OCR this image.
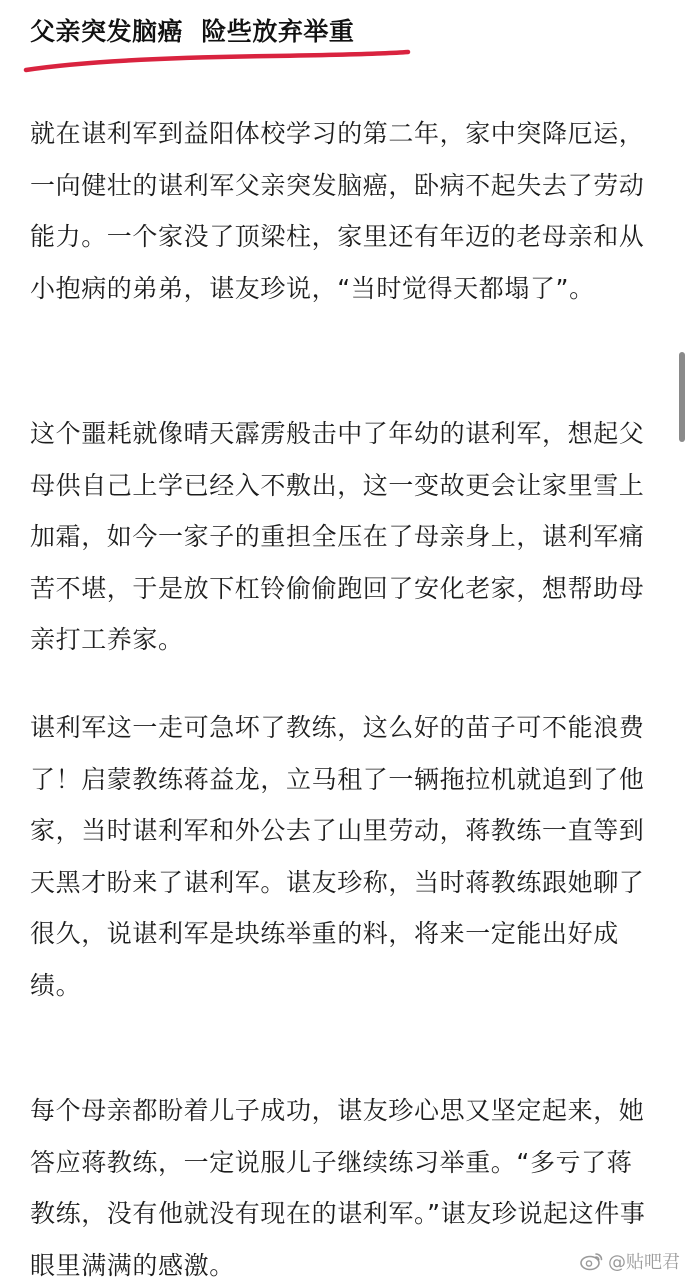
父亲突发脑癌  险些放弃举重

就在谌利军到益阳体校学习的第二年，家中突降厄运，一向健壮的谌利军父亲突发脑癌，卧病不起失去了劳动能力。一个家没了顶梁柱，家里还有年迈的老母亲和从小抱病的弟弟，谌友珍说，“当时觉得天都塌了”。

这个噩耗就像晴天霹雳般击中了年幼的谌利军，想起父母供自己上学已经入不敷出，这一变故更会让家里雪上加霜，如今一家子的重担全压在了母亲身上，谌利军痛苦不堪，于是放下杠铃偷偷跑回了安化老家，想帮助母亲打工养家。

谌利军这一走可急坏了教练，这么好的苗子可不能浪费了！启蒙教练蒋益龙，立马租了一辆拖拉机就追到了他家，当时谌利军和外公去了山里劳动，蒋教练一直等到天黑才盼来了谌利军。谌友珍称，当时蒋教练跟她聊了很久，说谌利军是块练举重的料，将来一定能出好成绩。

每个母亲都盼着儿子成功，谌友珍心思又坚定起来，她答应蒋教练，一定说服儿子继续练习举重。“多亏了蒋教练，没有他就没有现在的谌利军。”谌友珍说起这件事眼里满满的感激。	@贴吧君
